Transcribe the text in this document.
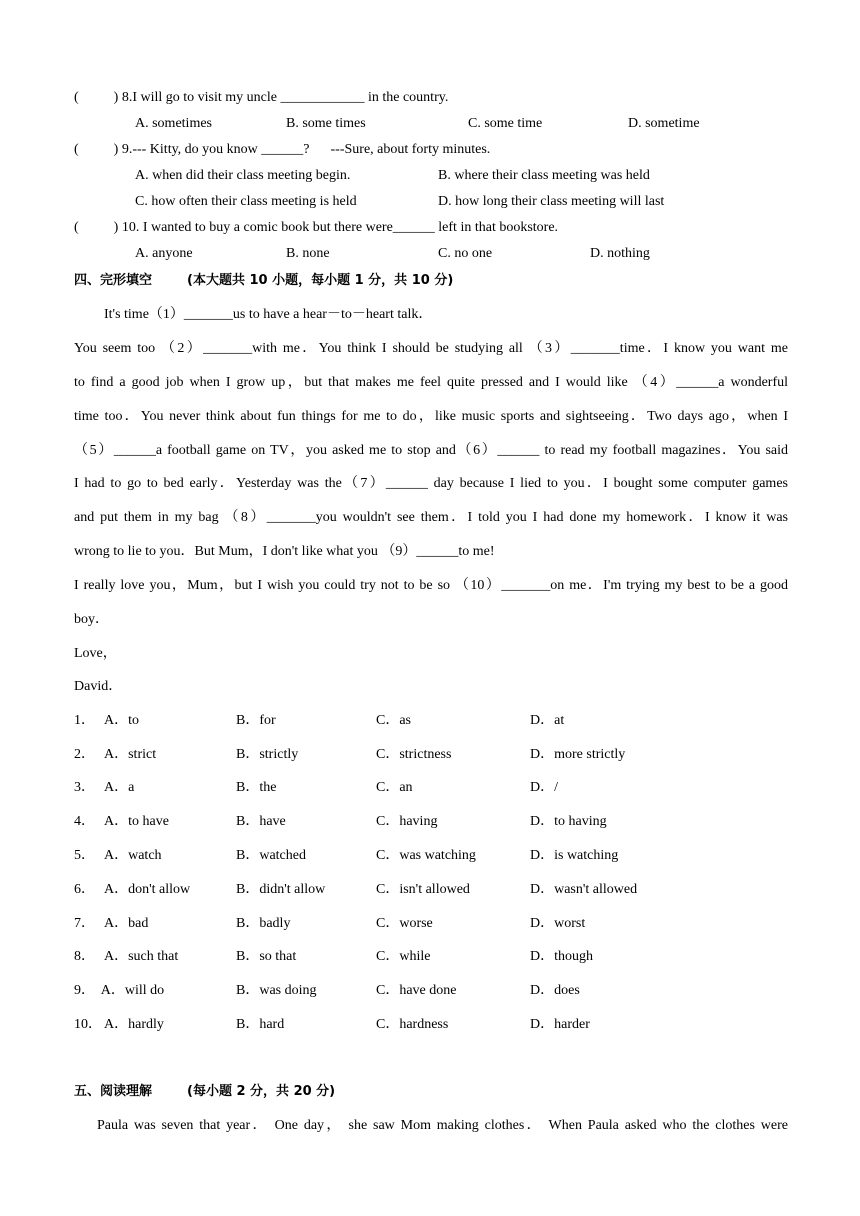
(          ) 8.I will go to visit my uncle ____________ in the country.
A. sometimes	B. some times	C. some time	D. sometime
(          ) 9.--- Kitty, do you know ______?      ---Sure, about forty minutes.
A. when did their class meeting begin.	B. where their class meeting was held
C. how often their class meeting is held	D. how long their class meeting will last
(          ) 10. I wanted to buy a comic book but there were______ left in that bookstore.
A. anyone	B. none	C. no one	D. nothing
四、完形填空	(本大题共 10 小题，每小题 1 分，共 10 分)
It's time（1）_______us to have a hear－to－heart talk．
You seem too （2）_______with me．You think I should be studying all （3）_______time．I know you want me
to find a good job when I grow up，but that makes me feel quite pressed and I would like （4）______a wonderful
time too．You never think about fun things for me to do，like music sports and sightseeing．Two days ago，when I
（5）______a football game on TV，you asked me to stop and（6）______ to read my football magazines．You said
I had to go to bed early．Yesterday was the（7）______ day because I lied to you．I bought some computer games
and put them in my bag （8）_______you wouldn't see them．I told you I had done my homework．I know it was
wrong to lie to you．But Mum，I don't like what you （9）______to me!
I really love you，Mum，but I wish you could try not to be so （10）_______on me．I'm trying my best to be a good
boy．
Love，
David．
1． A．to	B．for	C．as	D．at
2． A．strict	B．strictly	C．strictness	D．more strictly
3． A．a	B．the	C．an	D．/
4． A．to have	B．have	C．having	D．to having
5． A．watch	B．watched	C．was watching	D．is watching
6． A．don't allow	B．didn't allow	C．isn't allowed	D．wasn't allowed
7． A．bad	B．badly	C．worse	D．worst
8． A．such that	B．so that	C．while	D．though
9． A．will do	B．was doing	C．have done	D．does
10． A．hardly	B．hard	C．hardness	D．harder
五、阅读理解	(每小题 2 分，共 20 分)
Paula was seven that year． One day， she saw Mom making clothes． When Paula asked who the clothes were
